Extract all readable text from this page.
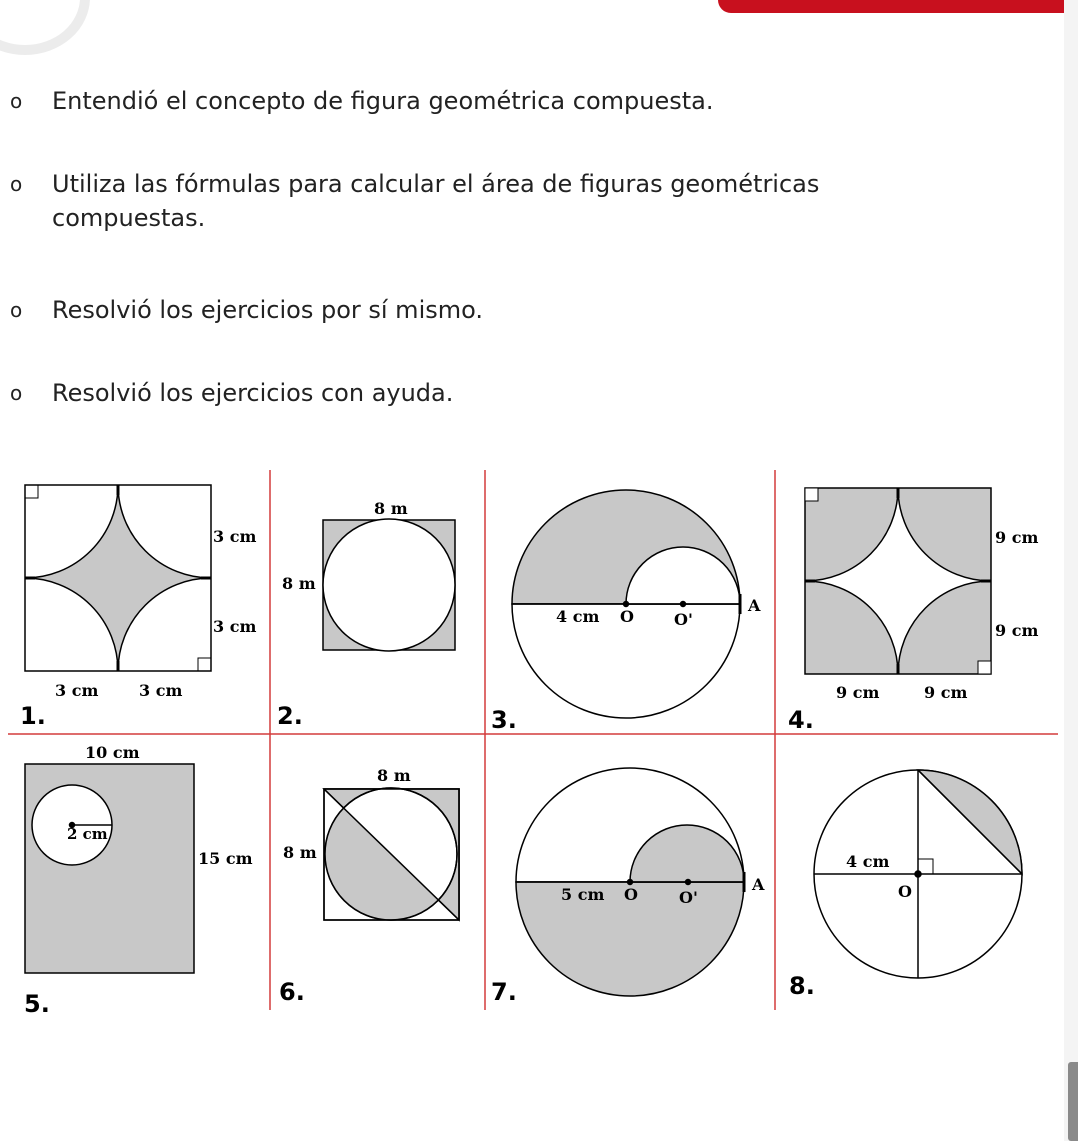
o	Entendió el concepto de figura geométrica compuesta.
o	Utiliza las fórmulas para calcular el área de figuras geométricas compuestas.
o	Resolvió los ejercicios por sí mismo.
o	Resolvió los ejercicios con ayuda.
3 cm
3 cm
3 cm	3 cm
1.
8 m
8 m
2.
4 cm O	O'
A
3.
9 cm
9 cm
9 cm	9 cm
4.
10 cm
15 cm
2 cm
5.
8 m
8 m
6.
5 cm O	O'
A
7.
4 cm
O
8.
